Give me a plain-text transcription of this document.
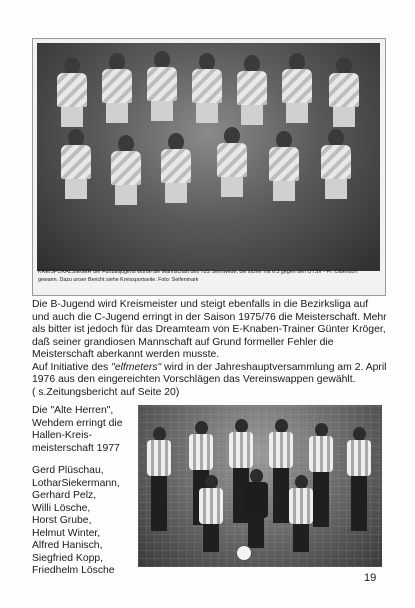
KREISPOKALSIEGER der Fußballjugend wurde die Mannschaft des TuS Stemwede, die sicher mit 6:3 gegen den OTSV - Pr. Oldendorf gewann. Dazu unser Bericht siehe Kreissportseite. Foto: Seifenmark

Die B-Jugend wird Kreismeister und steigt ebenfalls in die Bezirksliga auf und auch die C-Jugend erringt in der Saison 1975/76 die Meisterschaft. Mehr als bitter ist jedoch für das Dreamteam von E-Knaben-Trainer Günter Kröger, daß seiner grandiosen Mannschaft auf Grund formeller Fehler die Meisterschaft aberkannt werden musste.

Auf Initiative des "elfmeters" wird in der Jahreshauptversammlung am 2. April 1976 aus den eingereichten Vorschlägen das Vereinswappen gewählt.

( s.Zeitungsbericht auf Seite 20)

Die "Alte Herren", Wehdem erringt die Hallen-Kreis-meisterschaft 1977

Gerd Plüschau,
LotharSiekermann,
Gerhard Pelz,
Willi Lösche,
Horst Grube,
Helmut Winter,
Alfred Hanisch,
Siegfried Kopp,
Friedhelm Lösche
19
